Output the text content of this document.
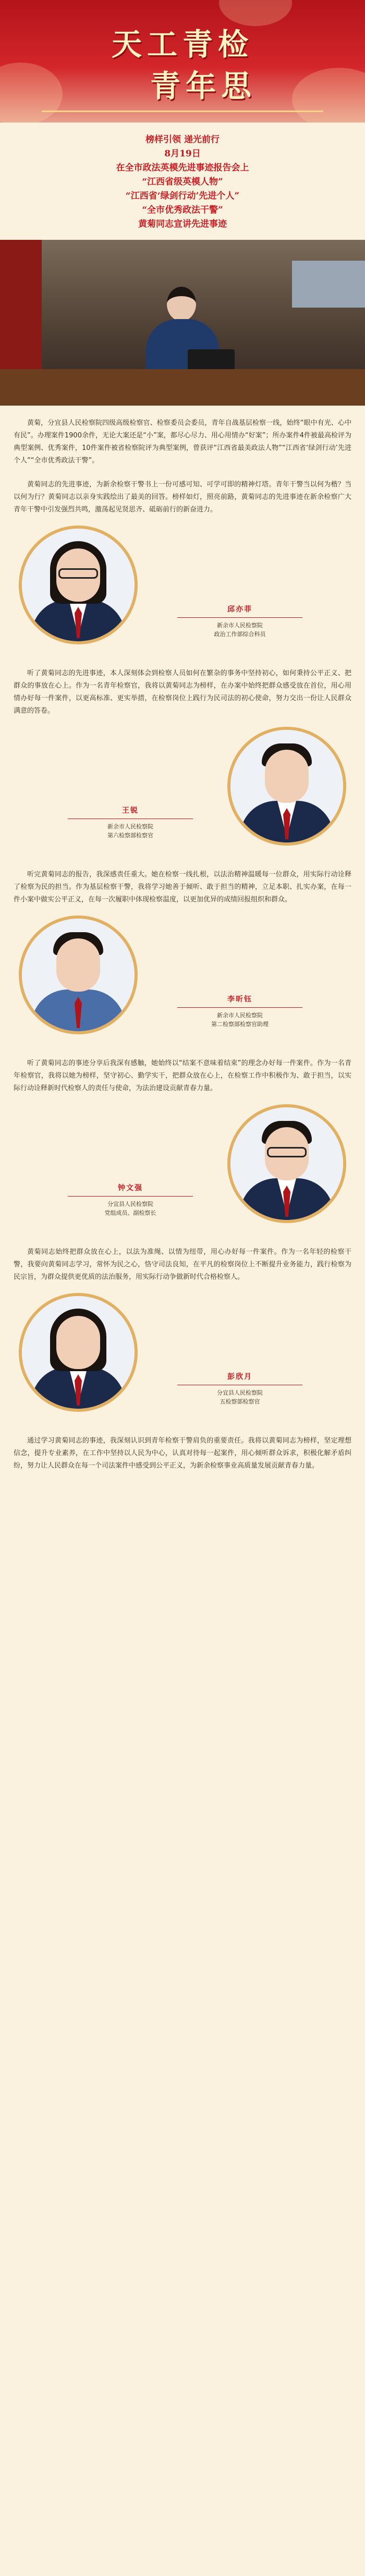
天工青检
青年思
榜样引领 递光前行
8月19日
在全市政法英模先进事迹报告会上
“江西省级英模人物”
“江西省‘绿剑行动’先进个人”
“全市优秀政法干警”
黄菊同志宣讲先进事迹

黄菊，分宜县人民检察院四级高级检察官、检察委员会委员，青年自战基层检察一线，始终“眼中有光、心中有民”。办理案件1900余件，无论大案还是“小”案，都尽心尽力、用心用情办“好案”；所办案件4件被最高检评为典型案例、优秀案件，10件案件被省检察院评为典型案例，曾获评“江西省最美政法人物”“江西省‘绿剑行动’先进个人”“全市优秀政法干警”。

黄菊同志的先进事迹，为新余检察干警书上一份可感可知、可学可即的精神灯塔。青年干警当以何为楷？当以何为行？黄菊同志以亲身实践绘出了最美的回答。榜样如灯，照亮前路，黄菊同志的先进事迹在新余检察广大青年干警中引发强烈共鸣，激荡起见贤思齐、砥砺前行的新奋进力。

邱亦菲
新余市人民检察院
政治工作部综合科员

听了黄菊同志的先进事迹，本人深刻体会到检察人员如何在繁杂的事务中坚持初心，如何秉持公平正义、把群众的事放在心上。作为一名青年检察官，我将以黄菊同志为榜样，在办案中始终把群众感受放在首位，用心用情办好每一件案件，以更高标准、更实举措，在检察岗位上践行为民司法的初心使命，努力交出一份让人民群众满意的答卷。

王锐
新余市人民检察院
第六检察部检察官

听完黄菊同志的报告，我深感责任重大。她在检察一线扎根，以法治精神温暖每一位群众，用实际行动诠释了检察为民的担当。作为基层检察干警，我将学习她善于倾听、敢于担当的精神，立足本职、扎实办案，在每一件小案中做实公平正义，在每一次履职中体现检察温度，以更加优异的成绩回报组织和群众。

李昕钰
新余市人民检察院
第二检察部检察官助理

听了黄菊同志的事迹分享后我深有感触，她始终以“结案不意味着结束”的理念办好每一件案件。作为一名青年检察官，我将以她为榜样，坚守初心、勤学实干，把群众放在心上，在检察工作中积极作为、敢于担当，以实际行动诠释新时代检察人的责任与使命，为法治建设贡献青春力量。

钟文强
分宜县人民检察院
党组成员、副检察长

黄菊同志始终把群众放在心上，以法为准绳、以情为纽带，用心办好每一件案件。作为一名年轻的检察干警，我要向黄菊同志学习，常怀为民之心，恪守司法良知，在平凡的检察岗位上不断提升业务能力，践行检察为民宗旨，为群众提供更优质的法治服务，用实际行动争做新时代合格检察人。

彭欣月
分宜县人民检察院
五检察部检察官

通过学习黄菊同志的事迹，我深刻认识到青年检察干警肩负的重要责任。我将以黄菊同志为榜样，坚定理想信念，提升专业素养，在工作中坚持以人民为中心，认真对待每一起案件，用心倾听群众诉求，积极化解矛盾纠纷，努力让人民群众在每一个司法案件中感受到公平正义，为新余检察事业高质量发展贡献青春力量。
